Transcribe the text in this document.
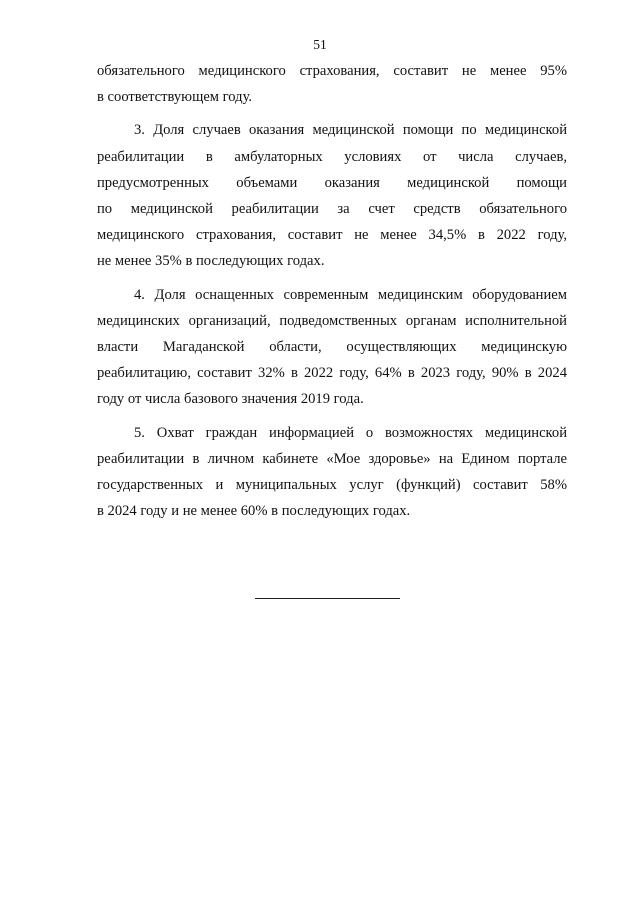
51
обязательного медицинского страхования, составит не менее 95%
в соответствующем году.
3. Доля случаев оказания медицинской помощи по медицинской
реабилитации в амбулаторных условиях от числа случаев,
предусмотренных объемами оказания медицинской помощи
по медицинской реабилитации за счет средств обязательного
медицинского страхования, составит не менее 34,5% в 2022 году,
не менее 35% в последующих годах.
4. Доля оснащенных современным медицинским оборудованием
медицинских организаций, подведомственных органам исполнительной
власти Магаданской области, осуществляющих медицинскую
реабилитацию, составит 32% в 2022 году, 64% в 2023 году, 90% в 2024
году от числа базового значения 2019 года.
5. Охват граждан информацией о возможностях медицинской
реабилитации в личном кабинете «Мое здоровье» на Едином портале
государственных и муниципальных услуг (функций) составит 58%
в 2024 году и не менее 60% в последующих годах.
